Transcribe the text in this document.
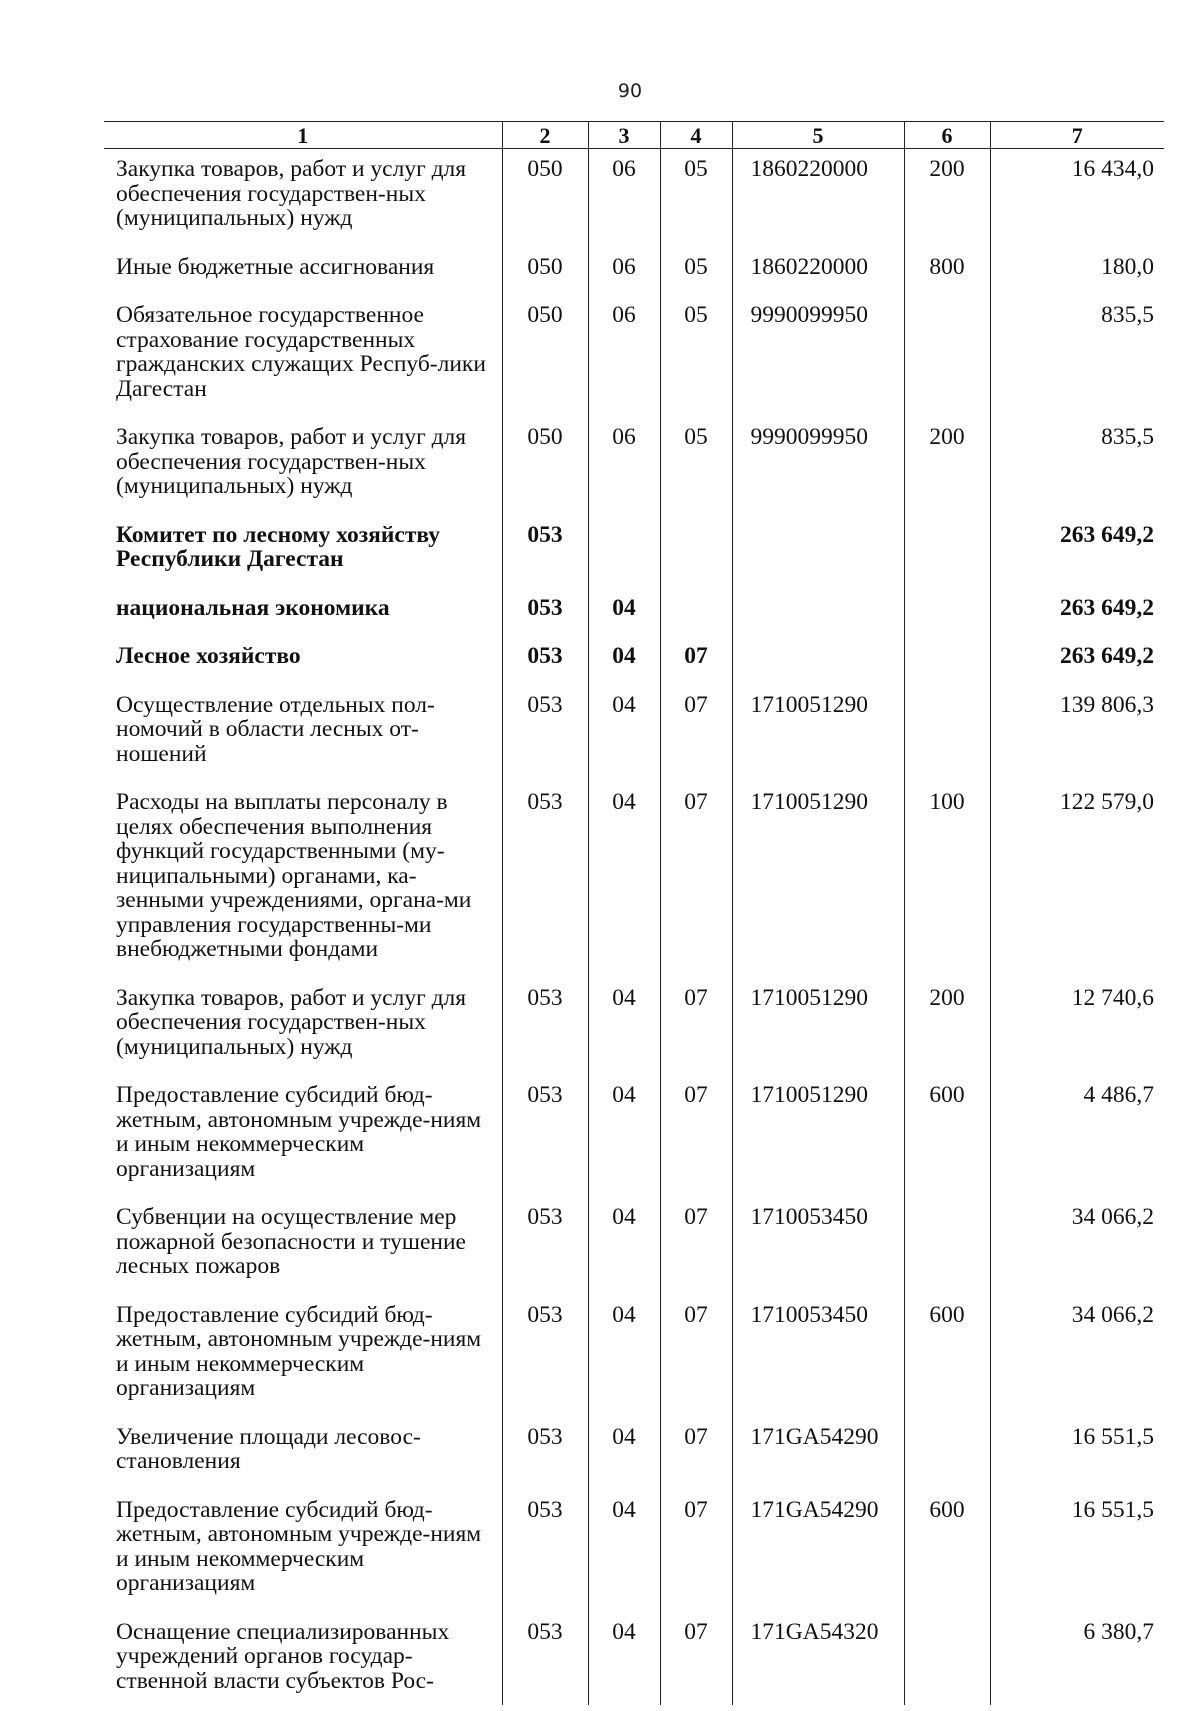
90
1	2	3	4	5	6	7
Закупка товаров, работ и услуг для обеспечения государствен-ных (муниципальных) нужд	050	06	05	1860220000	200	16 434,0
Иные бюджетные ассигнования	050	06	05	1860220000	800	180,0
Обязательное государственное страхование государственных гражданских служащих Респуб-лики Дагестан	050	06	05	9990099950		835,5
Закупка товаров, работ и услуг для обеспечения государствен-ных (муниципальных) нужд	050	06	05	9990099950	200	835,5
Комитет по лесному хозяйству Республики Дагестан	053					263 649,2
национальная экономика	053	04				263 649,2
Лесное хозяйство	053	04	07			263 649,2
Осуществление отдельных пол-номочий в области лесных от-ношений	053	04	07	1710051290		139 806,3
Расходы на выплаты персоналу в целях обеспечения выполнения функций государственными (му-ниципальными) органами, ка-зенными учреждениями, органа-ми управления государственны-ми внебюджетными фондами	053	04	07	1710051290	100	122 579,0
Закупка товаров, работ и услуг для обеспечения государствен-ных (муниципальных) нужд	053	04	07	1710051290	200	12 740,6
Предоставление субсидий бюд-жетным, автономным учрежде-ниям и иным некоммерческим организациям	053	04	07	1710051290	600	4 486,7
Субвенции на осуществление мер пожарной безопасности и тушение лесных пожаров	053	04	07	1710053450		34 066,2
Предоставление субсидий бюд-жетным, автономным учрежде-ниям и иным некоммерческим организациям	053	04	07	1710053450	600	34 066,2
Увеличение площади лесовос-становления	053	04	07	171GA54290		16 551,5
Предоставление субсидий бюд-жетным, автономным учрежде-ниям и иным некоммерческим организациям	053	04	07	171GA54290	600	16 551,5
Оснащение специализированных учреждений органов государ-ственной власти субъектов Рос-	053	04	07	171GA54320		6 380,7
